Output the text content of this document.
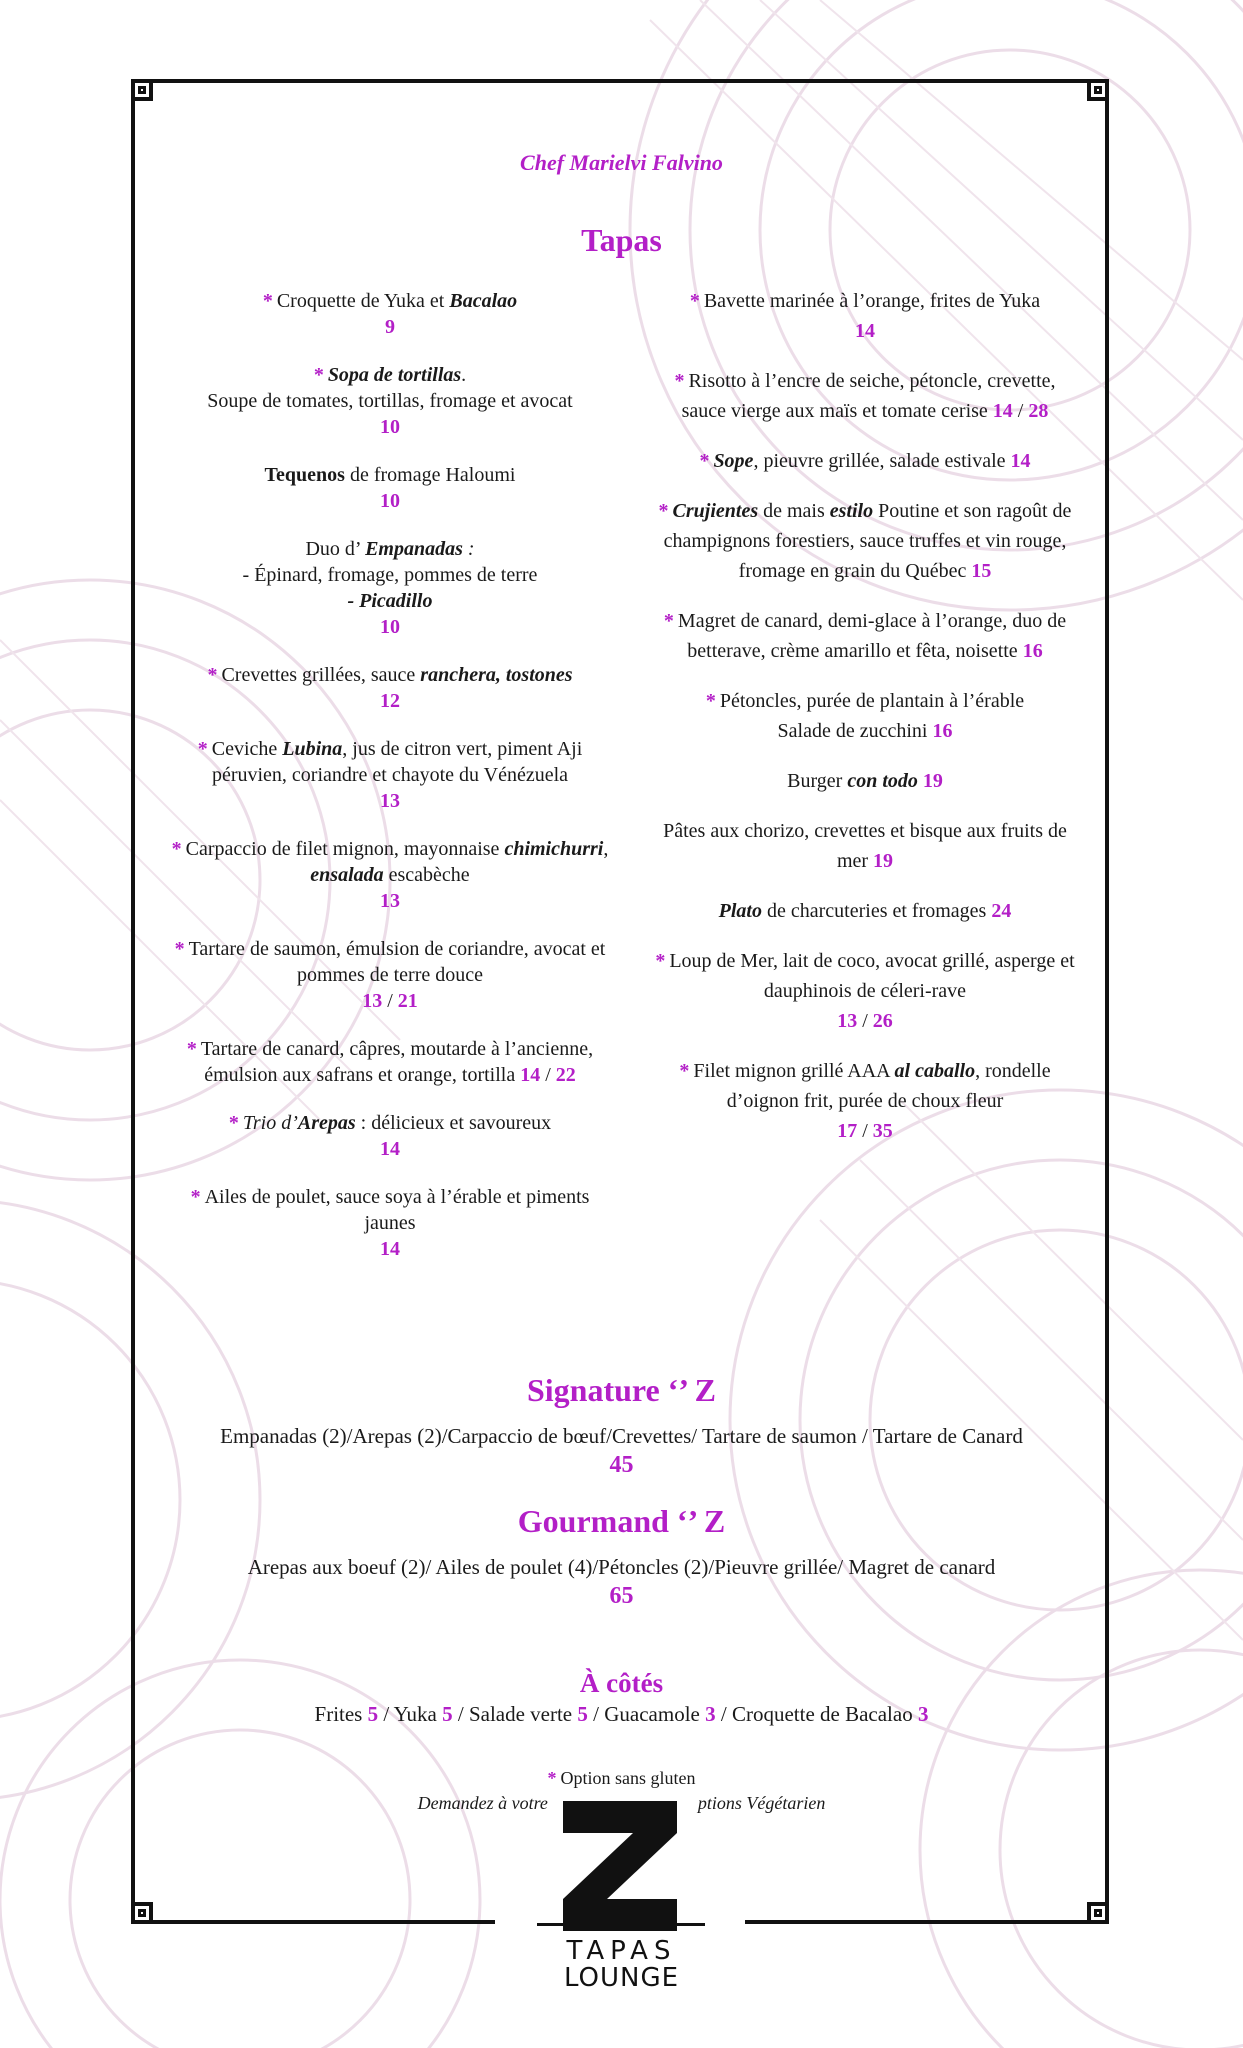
Chef Marielvi Falvino
Tapas
* Croquette de Yuka et Bacalao
9
* Sopa de tortillas.
Soupe de tomates, tortillas, fromage et avocat
10
Tequenos de fromage Haloumi
10
Duo d’ Empanadas :
- Épinard, fromage, pommes de terre
- Picadillo
10
* Crevettes grillées, sauce ranchera, tostones
12
* Ceviche Lubina, jus de citron vert, piment Aji péruvien, coriandre et chayote du Vénézuela
13
* Carpaccio de filet mignon, mayonnaise chimichurri, ensalada escabèche
13
* Tartare de saumon, émulsion de coriandre, avocat et pommes de terre douce
13 / 21
* Tartare de canard, câpres, moutarde à l’ancienne, émulsion aux safrans et orange, tortilla 14 / 22
* Trio d’Arepas : délicieux et savoureux
14
* Ailes de poulet, sauce soya à l’érable et piments jaunes
14
* Bavette marinée à l’orange, frites de Yuka
14
* Risotto à l’encre de seiche, pétoncle, crevette, sauce vierge aux maïs et tomate cerise 14 / 28
* Sope, pieuvre grillée, salade estivale 14
* Crujientes de mais estilo Poutine et son ragoût de champignons forestiers, sauce truffes et vin rouge, fromage en grain du Québec 15
* Magret de canard, demi-glace à l’orange, duo de betterave, crème amarillo et fêta, noisette 16
* Pétoncles, purée de plantain à l’érable
Salade de zucchini 16
Burger con todo 19
Pâtes aux chorizo, crevettes et bisque aux fruits de mer 19
Plato de charcuteries et fromages 24
* Loup de Mer, lait de coco, avocat grillé, asperge et dauphinois de céleri-rave
13 / 26
* Filet mignon grillé AAA al caballo, rondelle d’oignon frit, purée de choux fleur
17 / 35
Signature ‘’ Z
Empanadas (2)/Arepas (2)/Carpaccio de bœuf/Crevettes/ Tartare de saumon / Tartare de Canard
45
Gourmand ‘’ Z
Arepas aux boeuf (2)/ Ailes de poulet (4)/Pétoncles (2)/Pieuvre grillée/ Magret de canard
65
À côtés
Frites 5 / Yuka 5 / Salade verte 5 / Guacamole 3 / Croquette de Bacalao 3
* Option sans gluten
Demandez à votre	ptions Végétarien
TAPAS
LOUNGE
